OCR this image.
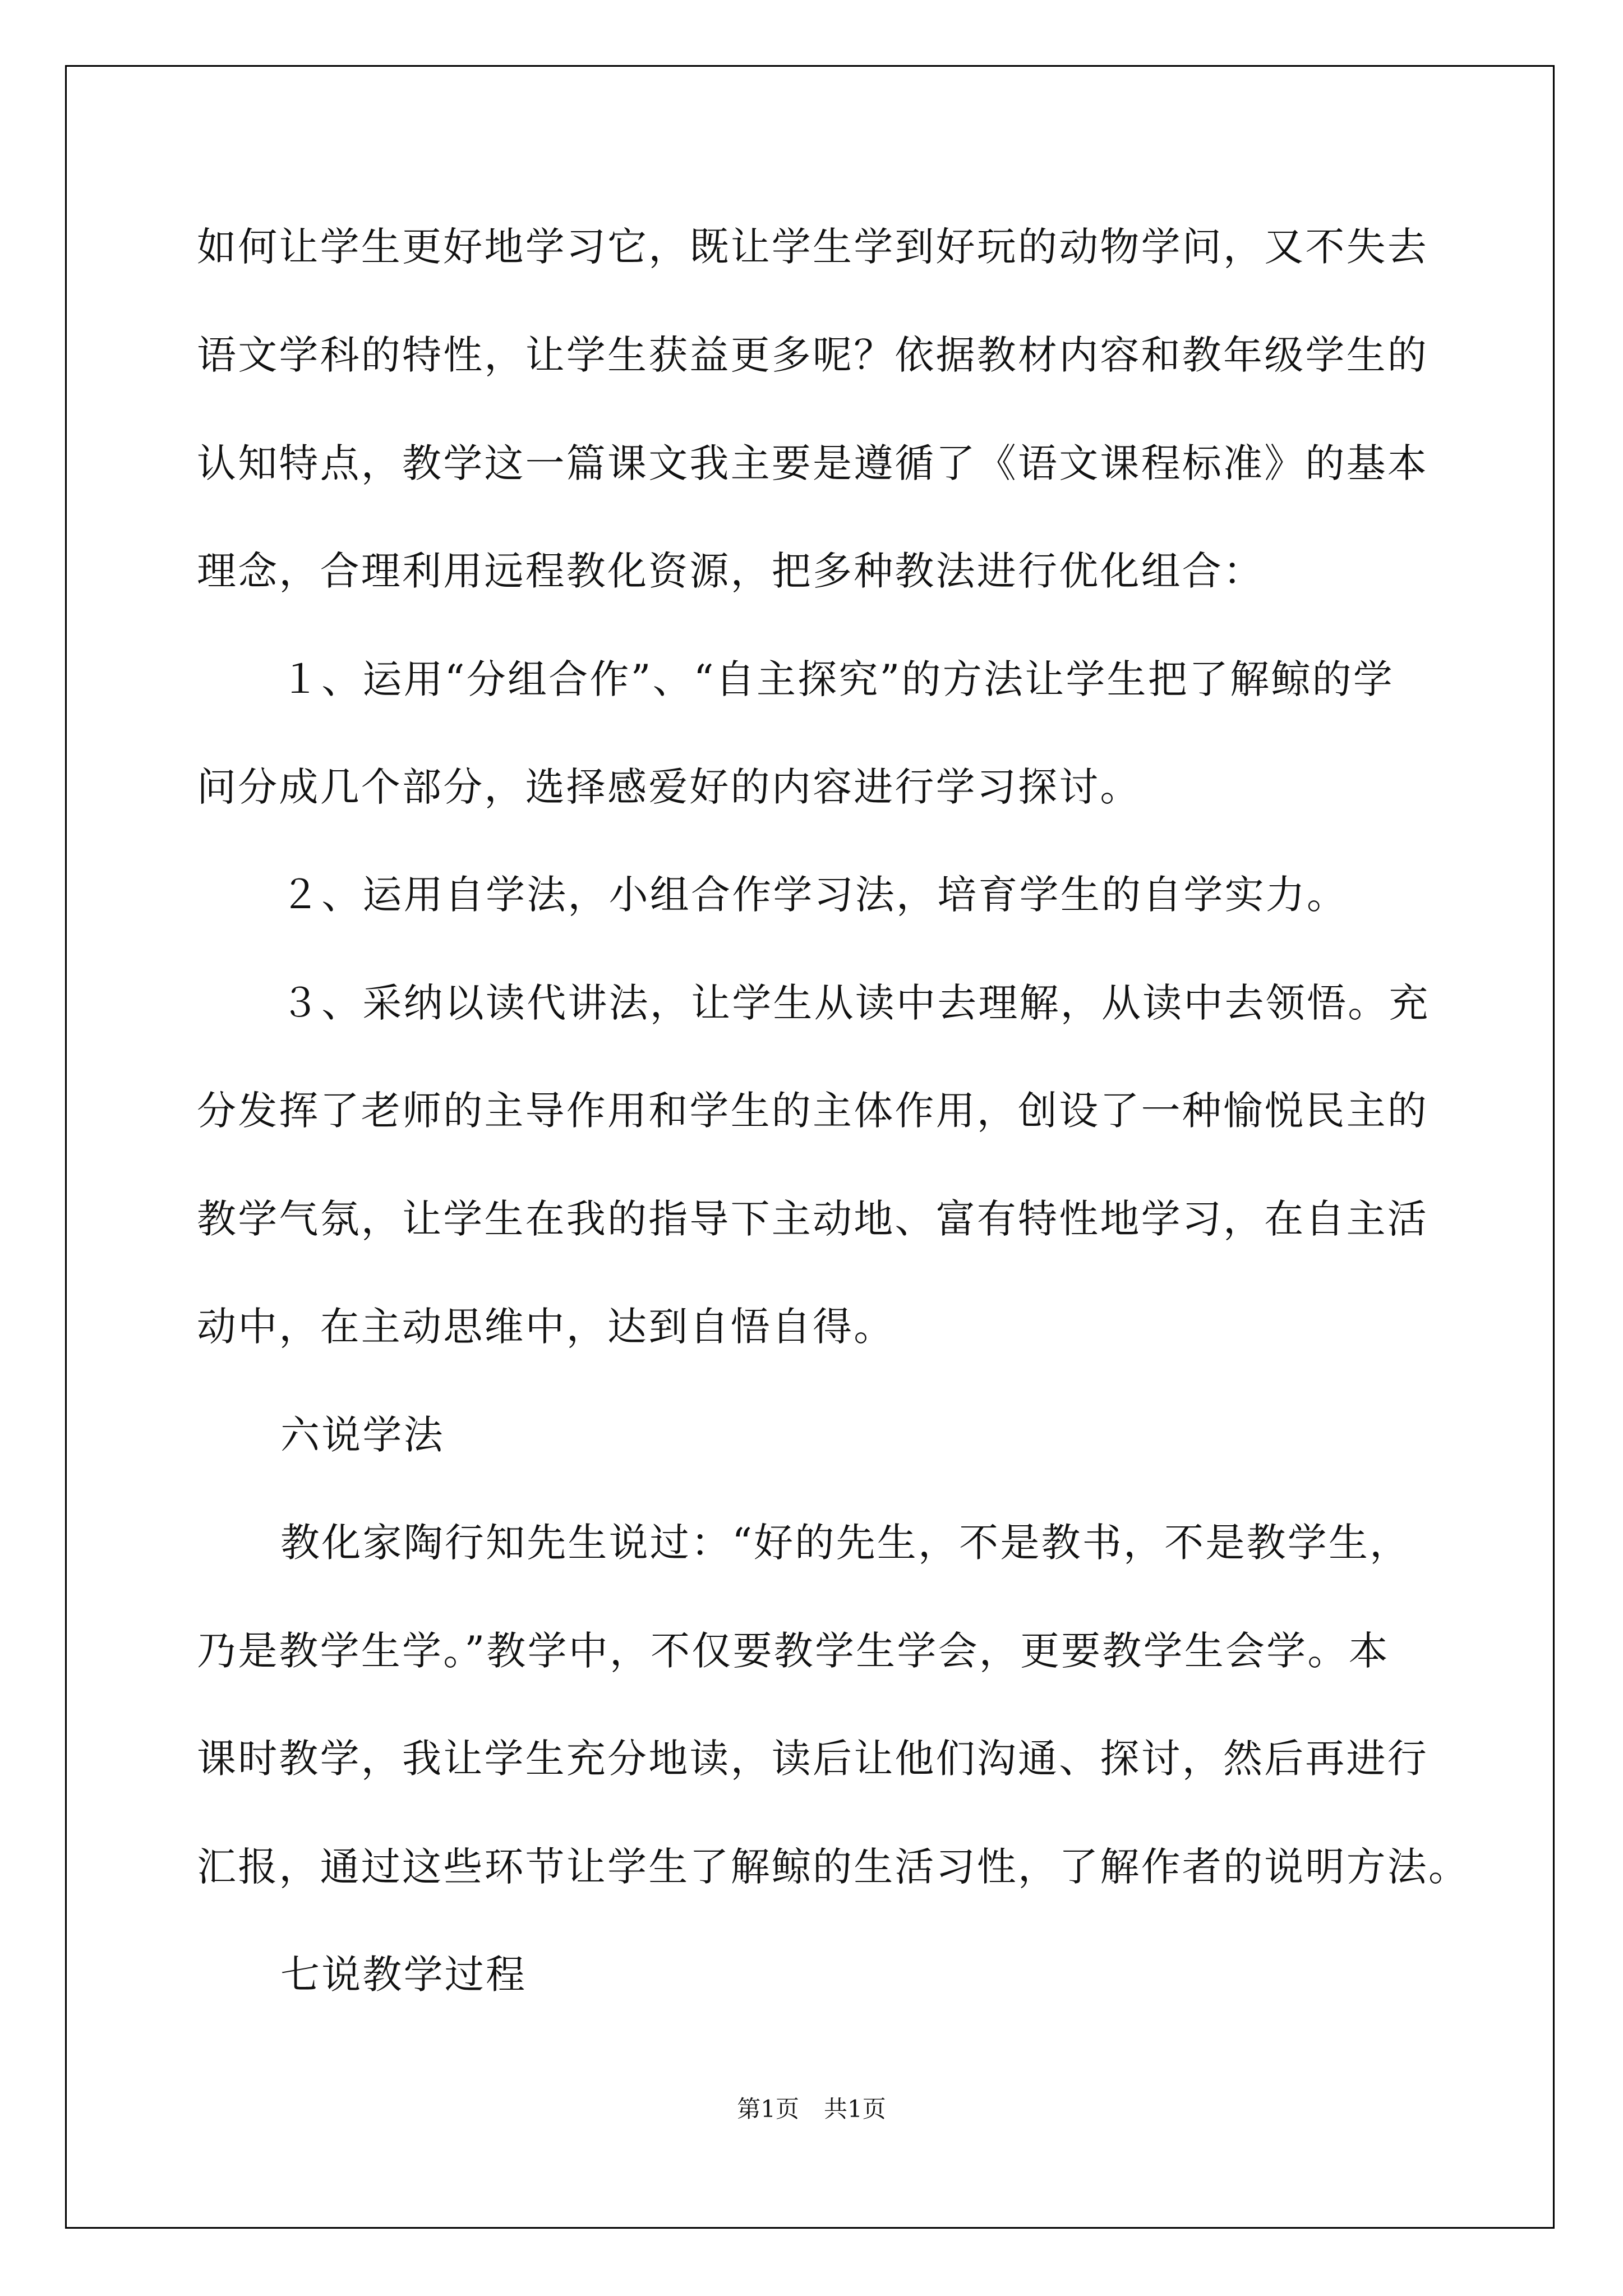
如何让学生更好地学习它，既让学生学到好玩的动物学问，又不失去
语文学科的特性，让学生获益更多呢？依据教材内容和教年级学生的
认知特点，教学这一篇课文我主要是遵循了《语文课程标准》的基本
理念，合理利用远程教化资源，把多种教法进行优化组合：
１、运用“分组合作”、“自主探究”的方法让学生把了解鲸的学
问分成几个部分，选择感爱好的内容进行学习探讨。
２、运用自学法，小组合作学习法，培育学生的自学实力。
３、采纳以读代讲法，让学生从读中去理解，从读中去领悟。充
分发挥了老师的主导作用和学生的主体作用，创设了一种愉悦民主的
教学气氛，让学生在我的指导下主动地、富有特性地学习，在自主活
动中，在主动思维中，达到自悟自得。
六说学法
教化家陶行知先生说过：“好的先生，不是教书，不是教学生，
乃是教学生学。”教学中，不仅要教学生学会，更要教学生会学。本
课时教学，我让学生充分地读，读后让他们沟通、探讨，然后再进行
汇报，通过这些环节让学生了解鲸的生活习性，了解作者的说明方法。
七说教学过程
第1页 共1页
